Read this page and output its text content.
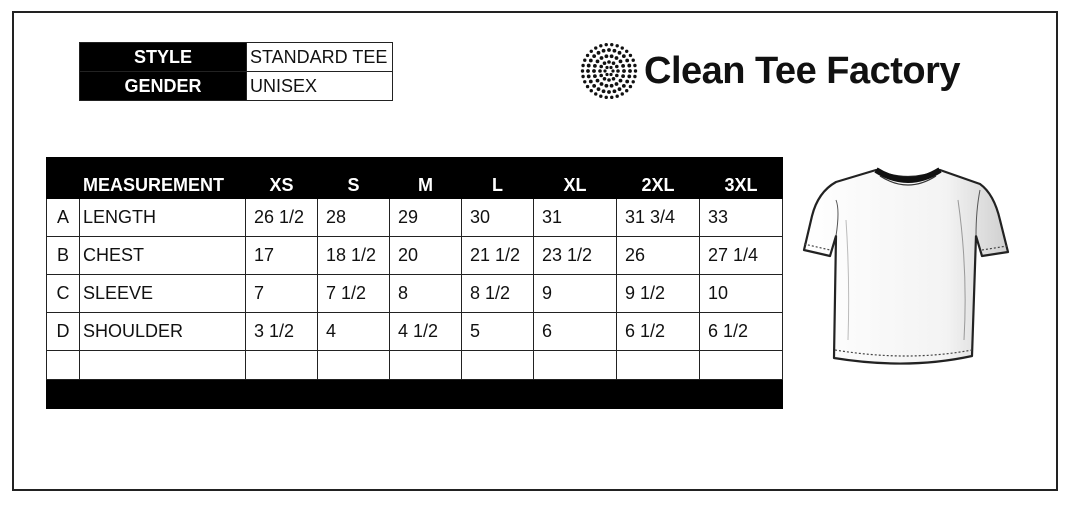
STYLE	STANDARD TEE
GENDER	UNISEX	Clean Tee Factory
	MEASUREMENT	XS	S	M	L	XL	2XL	3XL
A	LENGTH	26 1/2	28	29	30	31	31 3/4	33
B	CHEST	17	18 1/2	20	21 1/2	23 1/2	26	27 1/4
C	SLEEVE	7	7 1/2	8	8 1/2	9	9 1/2	10
D	SHOULDER	3 1/2	4	4 1/2	5	6	6 1/2	6 1/2
